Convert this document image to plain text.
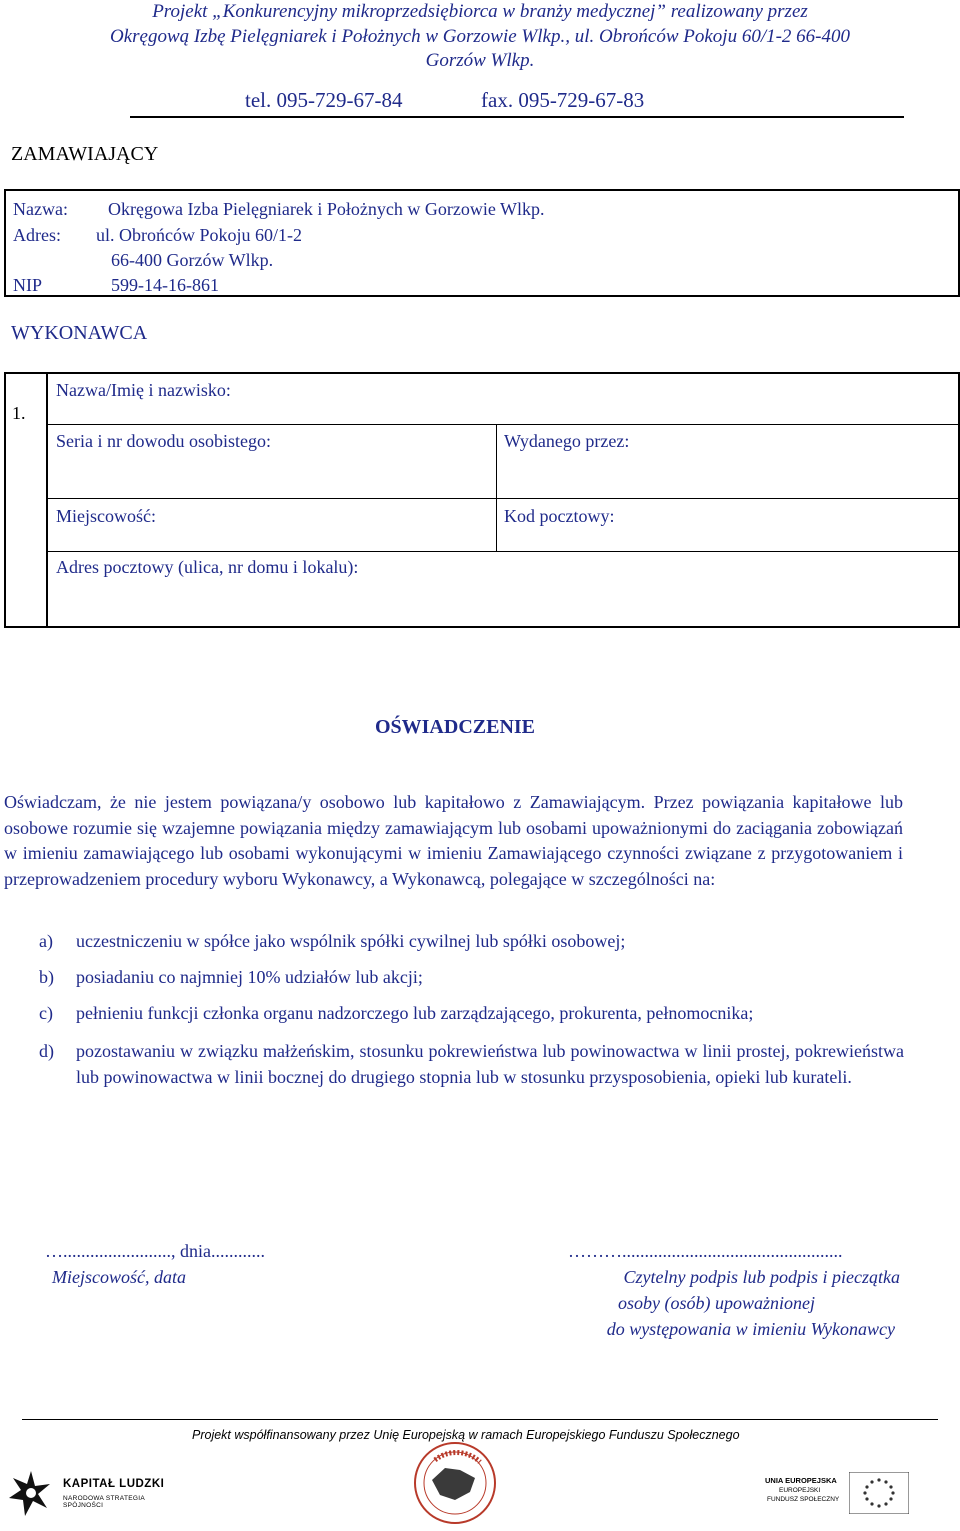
Projekt „Konkurencyjny mikroprzedsiębiorca w branży medycznej” realizowany przez
Okręgową Izbę Pielęgniarek i Położnych w Gorzowie Wlkp., ul. Obrońców Pokoju 60/1-2 66-400
Gorzów Wlkp.
tel. 095-729-67-84	fax. 095-729-67-83
ZAMAWIAJĄCY
Nazwa: Okręgowa Izba Pielęgniarek i Położnych w Gorzowie Wlkp.
Adres: ul. Obrońców Pokoju 60/1-2
66-400 Gorzów Wlkp.
NIP	599-14-16-861
WYKONAWCA
1.
Nazwa/Imię i nazwisko:
Seria i nr dowodu osobistego:	Wydanego przez:
Miejscowość:	Kod pocztowy:
Adres pocztowy (ulica, nr domu i lokalu):
OŚWIADCZENIE
Oświadczam, że nie jestem powiązana/y osobowo lub kapitałowo z Zamawiającym. Przez powiązania kapitałowe lub osobowe rozumie się wzajemne powiązania między zamawiającym lub osobami upoważnionymi do zaciągania zobowiązań w imieniu zamawiającego lub osobami wykonującymi w imieniu Zamawiającego czynności związane z przygotowaniem i przeprowadzeniem procedury wyboru Wykonawcy, a Wykonawcą, polegające w szczególności na:
a) uczestniczeniu w spółce jako wspólnik spółki cywilnej lub spółki osobowej;
b) posiadaniu co najmniej 10% udziałów lub akcji;
c) pełnieniu funkcji członka organu nadzorczego lub zarządzającego, prokurenta, pełnomocnika;
d) pozostawaniu w związku małżeńskim, stosunku pokrewieństwa lub powinowactwa w linii prostej, pokrewieństwa lub powinowactwa w linii bocznej do drugiego stopnia lub w stosunku przysposobienia, opieki lub kurateli.
…........................, dnia............
Miejscowość, data
……….................................................
Czytelny podpis lub podpis i pieczątka
osoby (osób) upoważnionej
do występowania w imieniu Wykonawcy
Projekt współfinansowany przez Unię Europejską w ramach Europejskiego Funduszu Społecznego
KAPITAŁ LUDZKI
NARODOWA STRATEGIA SPÓJNOŚCI
UNIA EUROPEJSKA
EUROPEJSKI
FUNDUSZ SPOŁECZNY
